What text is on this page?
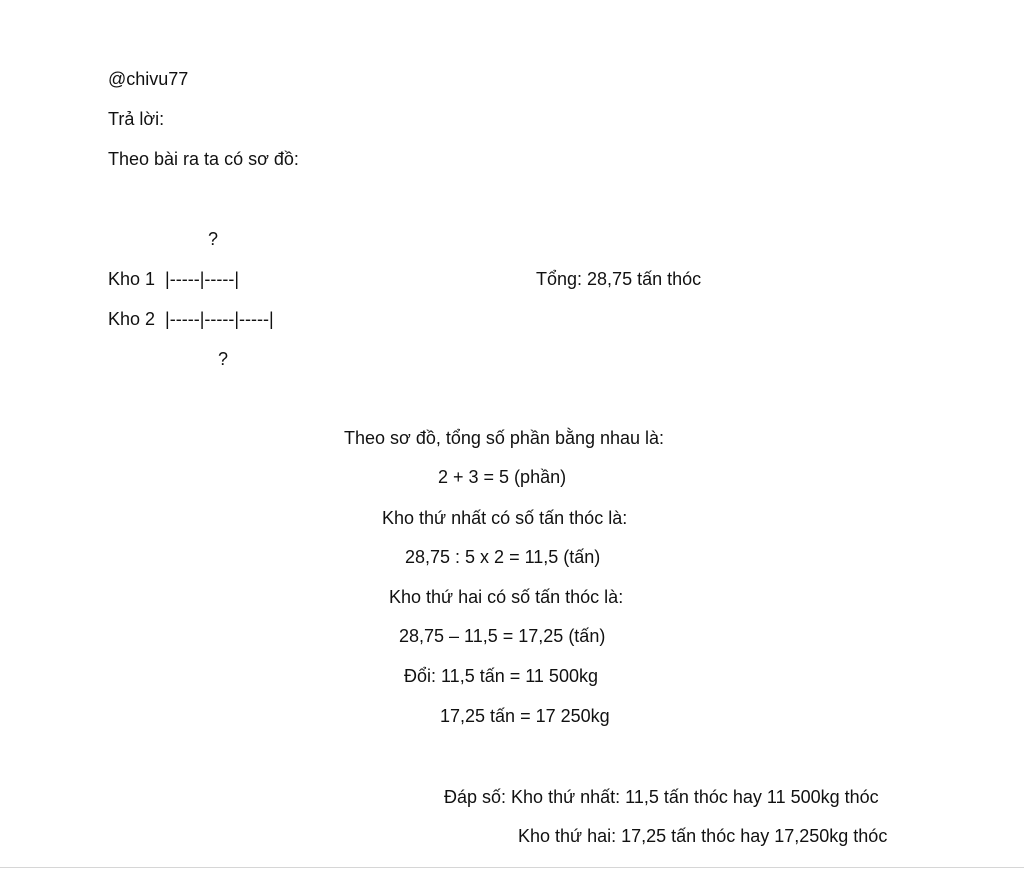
@chivu77
Trả lời:
Theo bài ra ta có sơ đồ:
?
Kho 1  |-----|-----|	Tổng: 28,75 tấn thóc
Kho 2  |-----|-----|-----|
?
Theo sơ đồ, tổng số phần bằng nhau là:
2 + 3 = 5 (phần)
Kho thứ nhất có số tấn thóc là:
28,75 : 5 x 2 = 11,5 (tấn)
Kho thứ hai có số tấn thóc là:
28,75 – 11,5 = 17,25 (tấn)
Đổi: 11,5 tấn = 11 500kg
17,25 tấn = 17 250kg
Đáp số: Kho thứ nhất: 11,5 tấn thóc hay 11 500kg thóc
Kho thứ hai: 17,25 tấn thóc hay 17,250kg thóc
